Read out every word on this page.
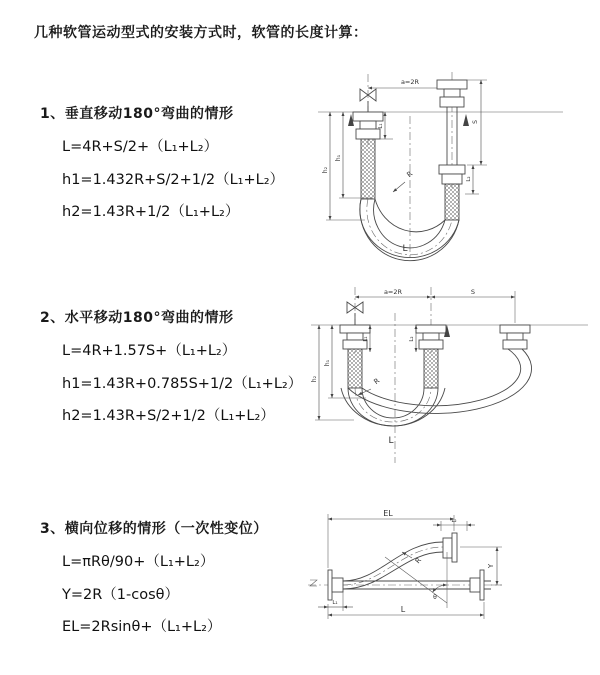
几种软管运动型式的安装方式时，软管的长度计算：
1、垂直移动180°弯曲的情形
L=4R+S/2+（L₁+L₂）
h1=1.432R+S/2+1/2（L₁+L₂）
h2=1.43R+1/2（L₁+L₂）
2、水平移动180°弯曲的情形
L=4R+1.57S+（L₁+L₂）
h1=1.43R+0.785S+1/2（L₁+L₂）
h2=1.43R+S/2+1/2（L₁+L₂）
3、横向位移的情形（一次性变位）
L=πRθ/90+（L₁+L₂）
Y=2R（1-cosθ）
EL=2Rsinθ+（L₁+L₂）
a=2R
h₁
h₂
L₁
S
L₂
R
L
a=2R	S
h₁
h₂
L₁	L₂
R
L
EL
L₂
Y
θ
R
L
L₁
